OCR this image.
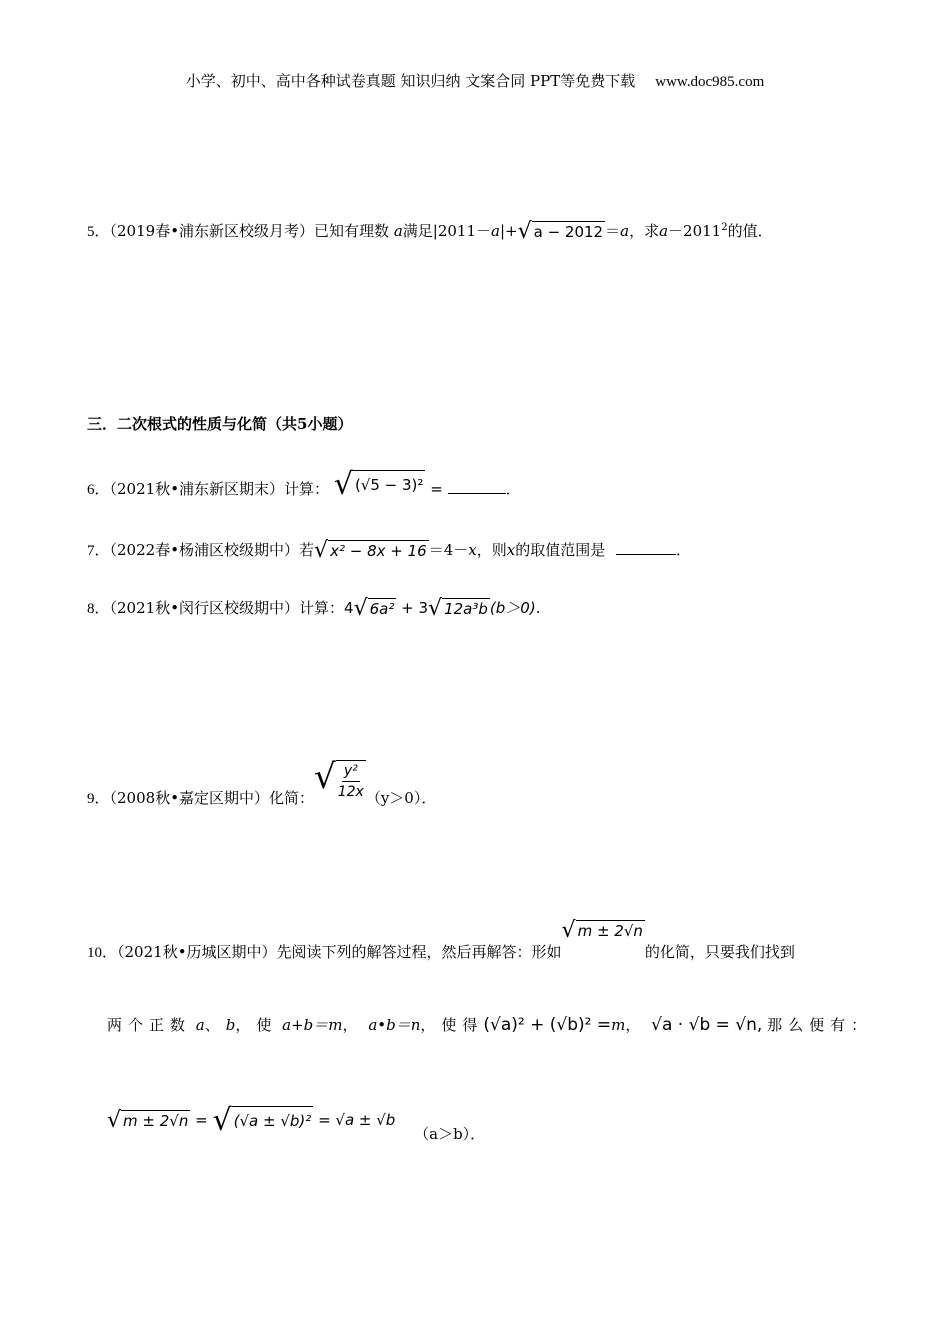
小学、初中、高中各种试卷真题 知识归纳 文案合同 PPT等免费下载 www.doc985.com
5．（2019春•浦东新区校级月考）已知有理数 a满足|2011－a|+ √ a − 2012 ＝a，求$a-2011^2$的值．
三．二次根式的性质与化简（共5小题）
6．（2021秋•浦东新区期末）计算： √ (√5 − 3)² =	．
7．（2022春•杨浦区校级期中）若 √ x² − 8x + 16 ＝4－x，则x的取值范围是	．
8．（2021秋•闵行区校级期中）计算：4 √ 6a² + 3 √ 12a³b (b＞0).
9．（2008秋•嘉定区期中）化简：
√ $\frac{\text{y²}}{12x} (y>0)$．
10．（2021秋•历城区期中）先阅读下列的解答过程，然后再解答：形如
√ m ± 2√n
的化简，只要我们找到
两个正数 a、b，使 a+b＝m， a•b＝n，使得(√a)² + (√b)² =m， √a · √b = √n, 那么便有：
√ m ± 2√n = √ (√a ± √b)² = √a ± √b （a＞b）．
